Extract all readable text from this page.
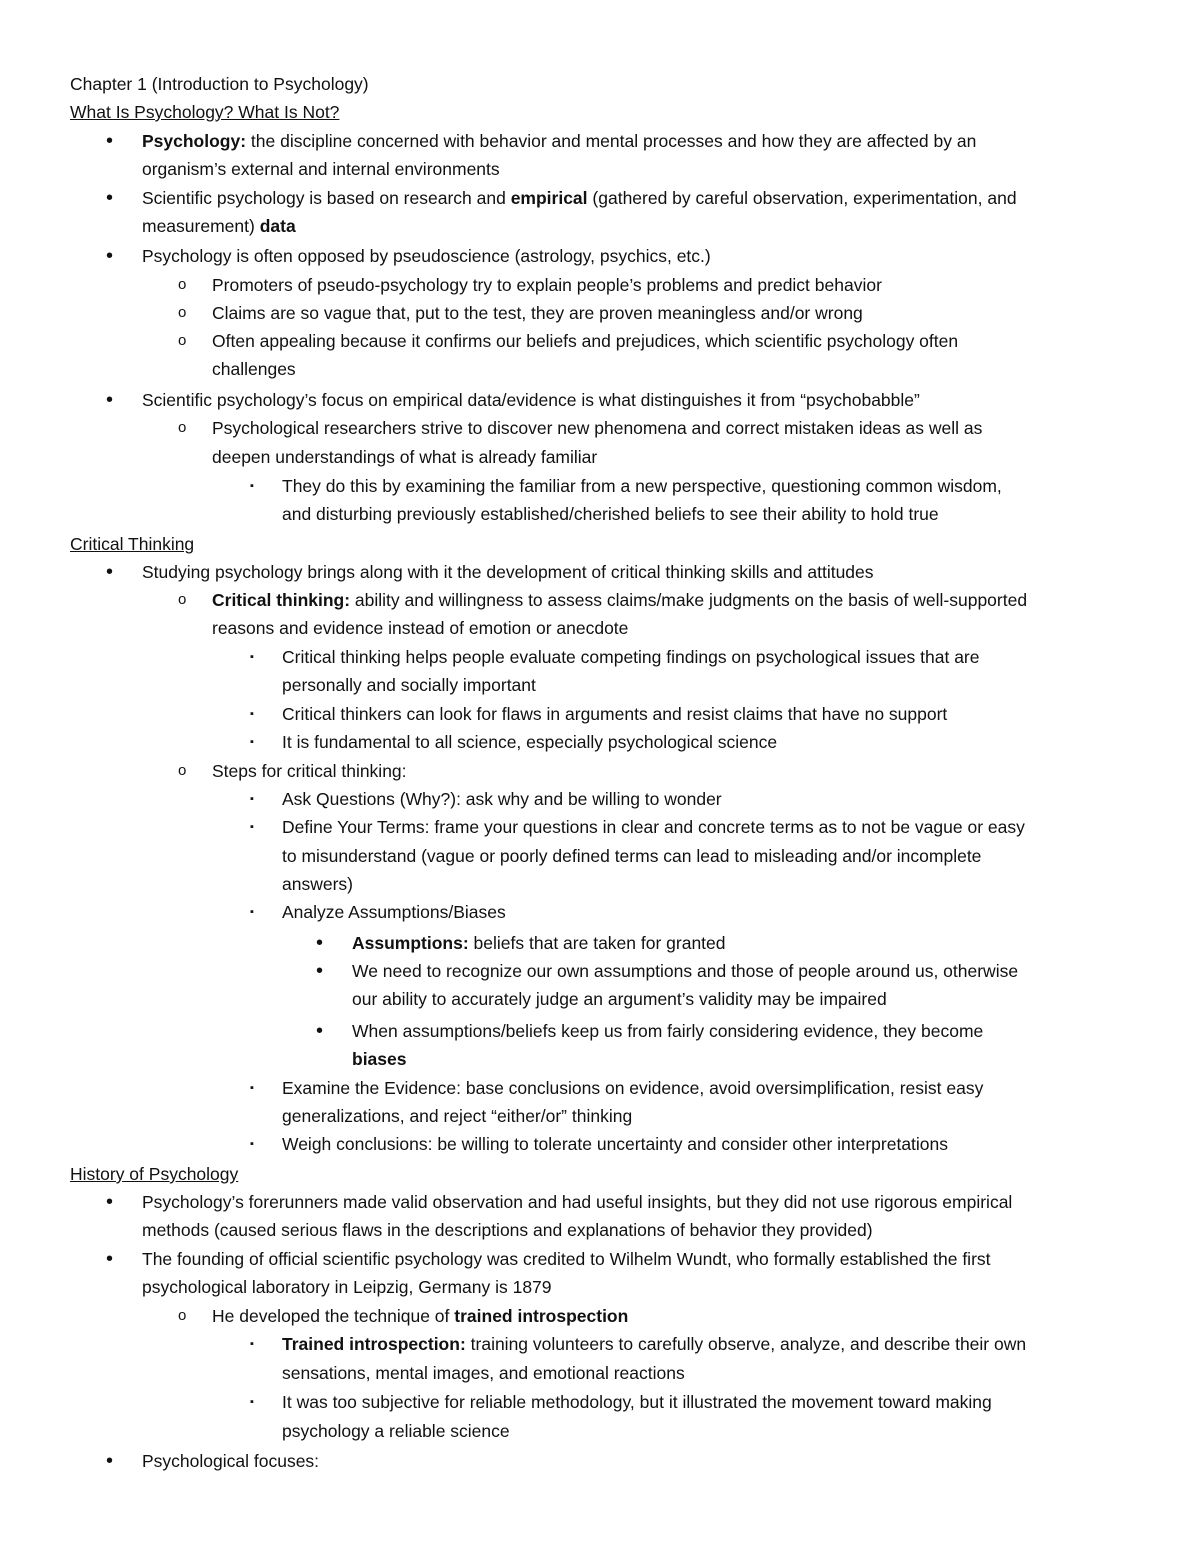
Chapter 1 (Introduction to Psychology)
What Is Psychology? What Is Not?
Critical Thinking
History of Psychology
• Psychology: the discipline concerned with behavior and mental processes and how they are affected by an
organism’s external and internal environments
• Scientific psychology is based on research and empirical (gathered by careful observation, experimentation, and
measurement) data
• Psychology is often opposed by pseudoscience (astrology, psychics, etc.)
o Promoters of pseudo-psychology try to explain people’s problems and predict behavior
o Claims are so vague that, put to the test, they are proven meaningless and/or wrong
o Often appealing because it confirms our beliefs and prejudices, which scientific psychology often
challenges
• Scientific psychology’s focus on empirical data/evidence is what distinguishes it from “psychobabble”
o Psychological researchers strive to discover new phenomena and correct mistaken ideas as well as
deepen understandings of what is already familiar
▪ They do this by examining the familiar from a new perspective, questioning common wisdom,
and disturbing previously established/cherished beliefs to see their ability to hold true
• Studying psychology brings along with it the development of critical thinking skills and attitudes
o Critical thinking: ability and willingness to assess claims/make judgments on the basis of well-supported
reasons and evidence instead of emotion or anecdote
▪ Critical thinking helps people evaluate competing findings on psychological issues that are
personally and socially important
▪ Critical thinkers can look for flaws in arguments and resist claims that have no support
▪ It is fundamental to all science, especially psychological science
o Steps for critical thinking:
▪ Ask Questions (Why?): ask why and be willing to wonder
▪ Define Your Terms: frame your questions in clear and concrete terms as to not be vague or easy
to misunderstand (vague or poorly defined terms can lead to misleading and/or incomplete
answers)
▪ Analyze Assumptions/Biases
• Assumptions: beliefs that are taken for granted
• We need to recognize our own assumptions and those of people around us, otherwise
our ability to accurately judge an argument’s validity may be impaired
• When assumptions/beliefs keep us from fairly considering evidence, they become
biases
▪ Examine the Evidence: base conclusions on evidence, avoid oversimplification, resist easy
generalizations, and reject “either/or” thinking
▪ Weigh conclusions: be willing to tolerate uncertainty and consider other interpretations
• Psychology’s forerunners made valid observation and had useful insights, but they did not use rigorous empirical
methods (caused serious flaws in the descriptions and explanations of behavior they provided)
• The founding of official scientific psychology was credited to Wilhelm Wundt, who formally established the first
psychological laboratory in Leipzig, Germany is 1879
o He developed the technique of trained introspection
▪ Trained introspection: training volunteers to carefully observe, analyze, and describe their own
sensations, mental images, and emotional reactions
▪ It was too subjective for reliable methodology, but it illustrated the movement toward making
psychology a reliable science
• Psychological focuses:
